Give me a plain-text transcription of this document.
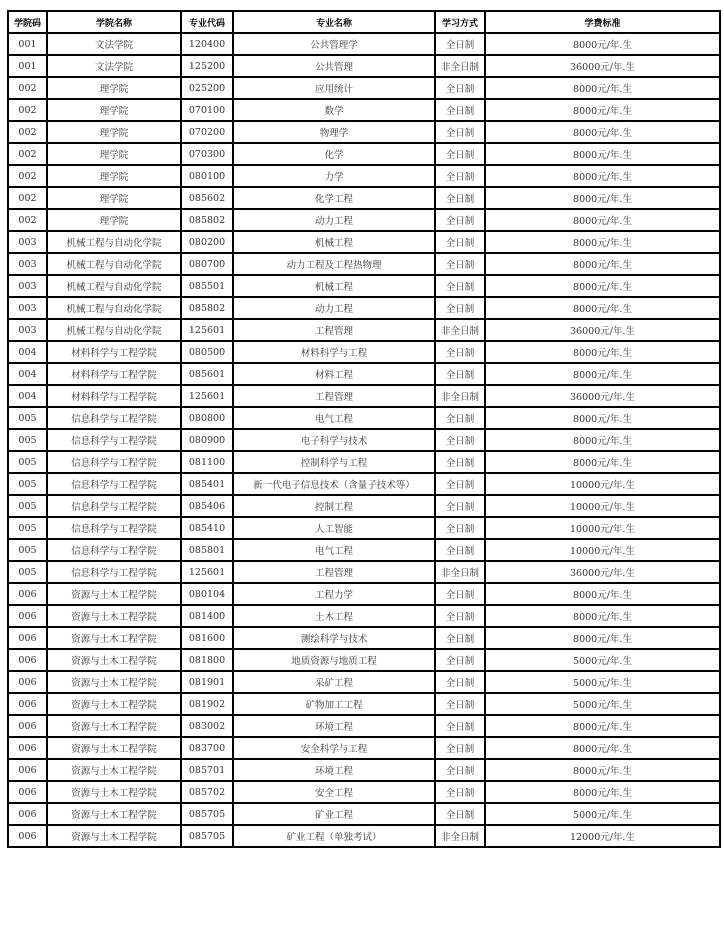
学院码	学院名称	专业代码	专业名称	学习方式	学费标准
001	文法学院	120400	公共管理学	全日制	8000元/年.生
001	文法学院	125200	公共管理	非全日制	36000元/年.生
002	理学院	025200	应用统计	全日制	8000元/年.生
002	理学院	070100	数学	全日制	8000元/年.生
002	理学院	070200	物理学	全日制	8000元/年.生
002	理学院	070300	化学	全日制	8000元/年.生
002	理学院	080100	力学	全日制	8000元/年.生
002	理学院	085602	化学工程	全日制	8000元/年.生
002	理学院	085802	动力工程	全日制	8000元/年.生
003	机械工程与自动化学院	080200	机械工程	全日制	8000元/年.生
003	机械工程与自动化学院	080700	动力工程及工程热物理	全日制	8000元/年.生
003	机械工程与自动化学院	085501	机械工程	全日制	8000元/年.生
003	机械工程与自动化学院	085802	动力工程	全日制	8000元/年.生
003	机械工程与自动化学院	125601	工程管理	非全日制	36000元/年.生
004	材料科学与工程学院	080500	材料科学与工程	全日制	8000元/年.生
004	材料科学与工程学院	085601	材料工程	全日制	8000元/年.生
004	材料科学与工程学院	125601	工程管理	非全日制	36000元/年.生
005	信息科学与工程学院	080800	电气工程	全日制	8000元/年.生
005	信息科学与工程学院	080900	电子科学与技术	全日制	8000元/年.生
005	信息科学与工程学院	081100	控制科学与工程	全日制	8000元/年.生
005	信息科学与工程学院	085401	新一代电子信息技术（含量子技术等）	全日制	10000元/年.生
005	信息科学与工程学院	085406	控制工程	全日制	10000元/年.生
005	信息科学与工程学院	085410	人工智能	全日制	10000元/年.生
005	信息科学与工程学院	085801	电气工程	全日制	10000元/年.生
005	信息科学与工程学院	125601	工程管理	非全日制	36000元/年.生
006	资源与土木工程学院	080104	工程力学	全日制	8000元/年.生
006	资源与土木工程学院	081400	土木工程	全日制	8000元/年.生
006	资源与土木工程学院	081600	测绘科学与技术	全日制	8000元/年.生
006	资源与土木工程学院	081800	地质资源与地质工程	全日制	5000元/年.生
006	资源与土木工程学院	081901	采矿工程	全日制	5000元/年.生
006	资源与土木工程学院	081902	矿物加工工程	全日制	5000元/年.生
006	资源与土木工程学院	083002	环境工程	全日制	8000元/年.生
006	资源与土木工程学院	083700	安全科学与工程	全日制	8000元/年.生
006	资源与土木工程学院	085701	环境工程	全日制	8000元/年.生
006	资源与土木工程学院	085702	安全工程	全日制	8000元/年.生
006	资源与土木工程学院	085705	矿业工程	全日制	5000元/年.生
006	资源与土木工程学院	085705	矿业工程（单独考试）	非全日制	12000元/年.生
